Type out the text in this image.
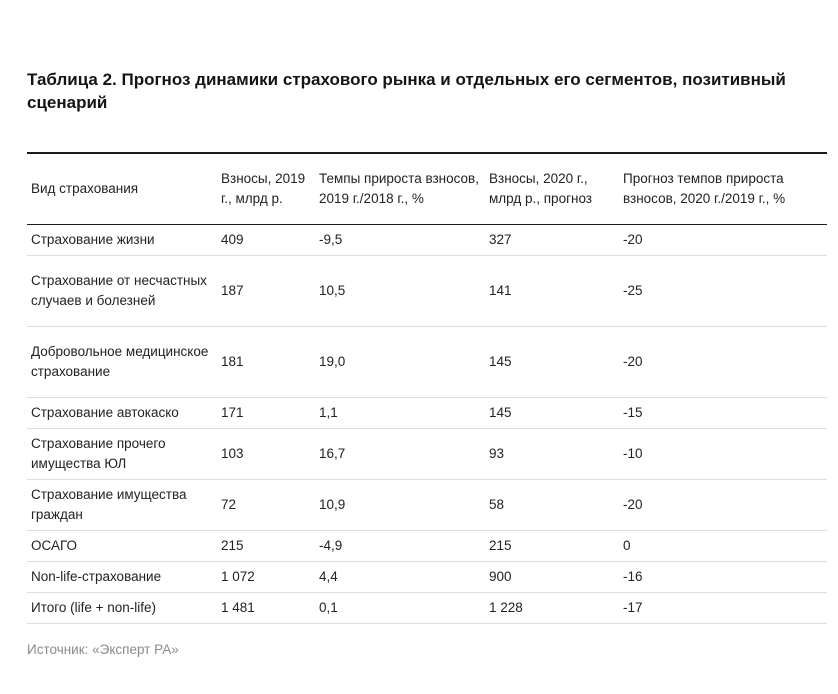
Таблица 2. Прогноз динамики страхового рынка и отдельных его сегментов, позитивный сценарий
Вид страхования	Взносы, 2019 г., млрд р.	Темпы прироста взносов, 2019 г./2018 г., %	Взносы, 2020 г., млрд р., прогноз	Прогноз темпов прироста взносов, 2020 г./2019 г., %
Страхование жизни	409	-9,5	327	-20
Страхование от несчастных случаев и болезней	187	10,5	141	-25
Добровольное медицинское страхование	181	19,0	145	-20
Страхование автокаско	171	1,1	145	-15
Страхование прочего имущества ЮЛ	103	16,7	93	-10
Страхование имущества граждан	72	10,9	58	-20
ОСАГО	215	-4,9	215	0
Non-life-страхование	1 072	4,4	900	-16
Итого (life + non-life)	1 481	0,1	1 228	-17
Источник: «Эксперт РА»
